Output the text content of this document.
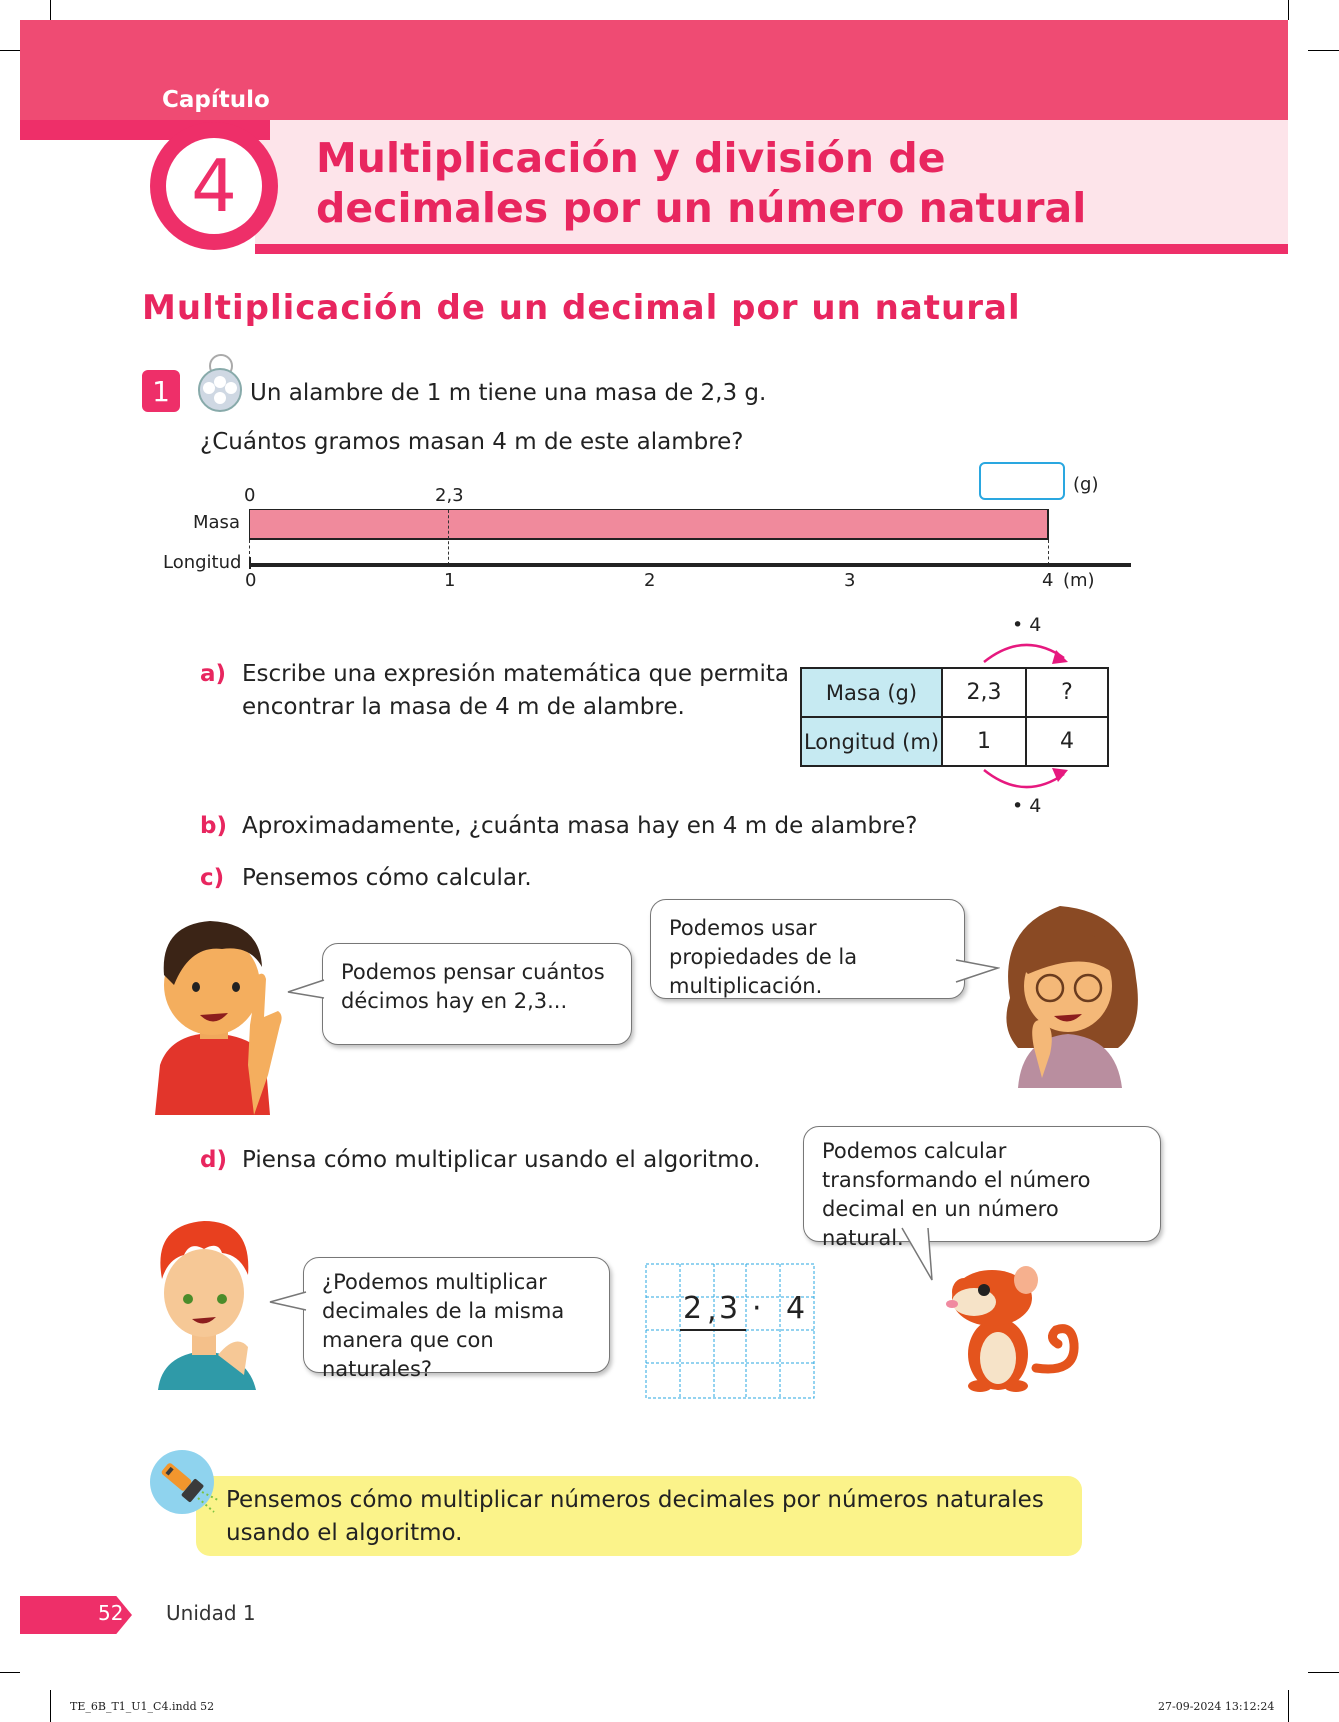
Capítulo
4	Multiplicación y división de
decimales por un número natural
Multiplicación de un decimal por un natural
1	Un alambre de 1 m tiene una masa de 2,3 g.
¿Cuántos gramos masan 4 m de este alambre?
0	2,3
Masa
Longitud
(g)
0	1	2	3	4 (m)
a) Escribe una expresión matemática que permita
encontrar la masa de 4 m de alambre.
• 4
Masa (g)	2,3	?
Longitud (m)	1	4
• 4
b) Aproximadamente, ¿cuánta masa hay en 4 m de alambre?
c) Pensemos cómo calcular.
Podemos pensar cuántos décimos hay en 2,3...
Podemos usar propiedades de la multiplicación.
d) Piensa cómo multiplicar usando el algoritmo.	Podemos calcular transformando el número decimal en un número natural.
¿Podemos multiplicar decimales de la misma manera que con naturales?
2 , 3 · 4
Pensemos cómo multiplicar números decimales por números naturales usando el algoritmo.
52 Unidad 1
TE_6B_T1_U1_C4.indd 52	27-09-2024 13:12:24
